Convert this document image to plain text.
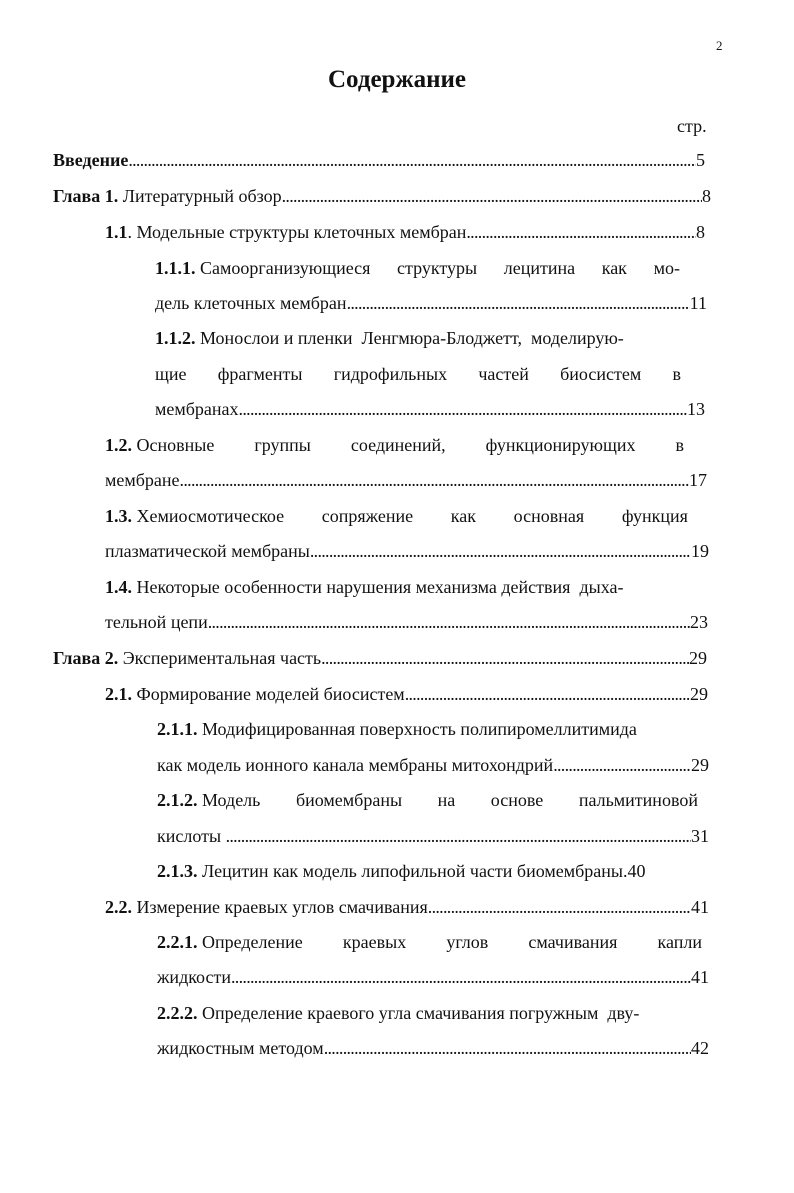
2
Содержание
стр.
Введение . . .	5
Глава 1.
Литературный обзор . . .	8
1.1 . Модельные структуры клеточных мембран . . .	8
1.1.1. Самоорганизующиеся структуры лецитина как мо-
дель клеточных мембран . . .	11
1.1.2. Монослои и пленки  Ленгмюра-Блоджетт,  моделирую-
щие фрагменты гидрофильных частей биосистем в
мембранах . . .	13
1.2. Основные группы соединений, функционирующих в
мембране . . .	17
1.3. Хемиосмотическое сопряжение как основная функция
плазматической мембраны . . .	19
1.4. Некоторые особенности нарушения механизма действия  дыха-
тельной цепи . . .	23
Глава 2.
Экспериментальная часть . . .	29
2.1.
Формирование моделей биосистем . . .	29
2.1.1. Модифицированная поверхность полипиромеллитимида
как модель ионного канала мембраны митохондрий . . .	29
2.1.2. Модель биомембраны на основе пальмитиновой
кислоты . . .	31
2.1.3. Лецитин как модель липофильной части биомембраны.40
2.2.
Измерение краевых углов смачивания . . .	41
2.2.1. Определение краевых углов смачивания капли
жидкости . . .	41
2.2.2. Определение краевого угла смачивания погружным  дву-
жидкостным методом . . .	42
